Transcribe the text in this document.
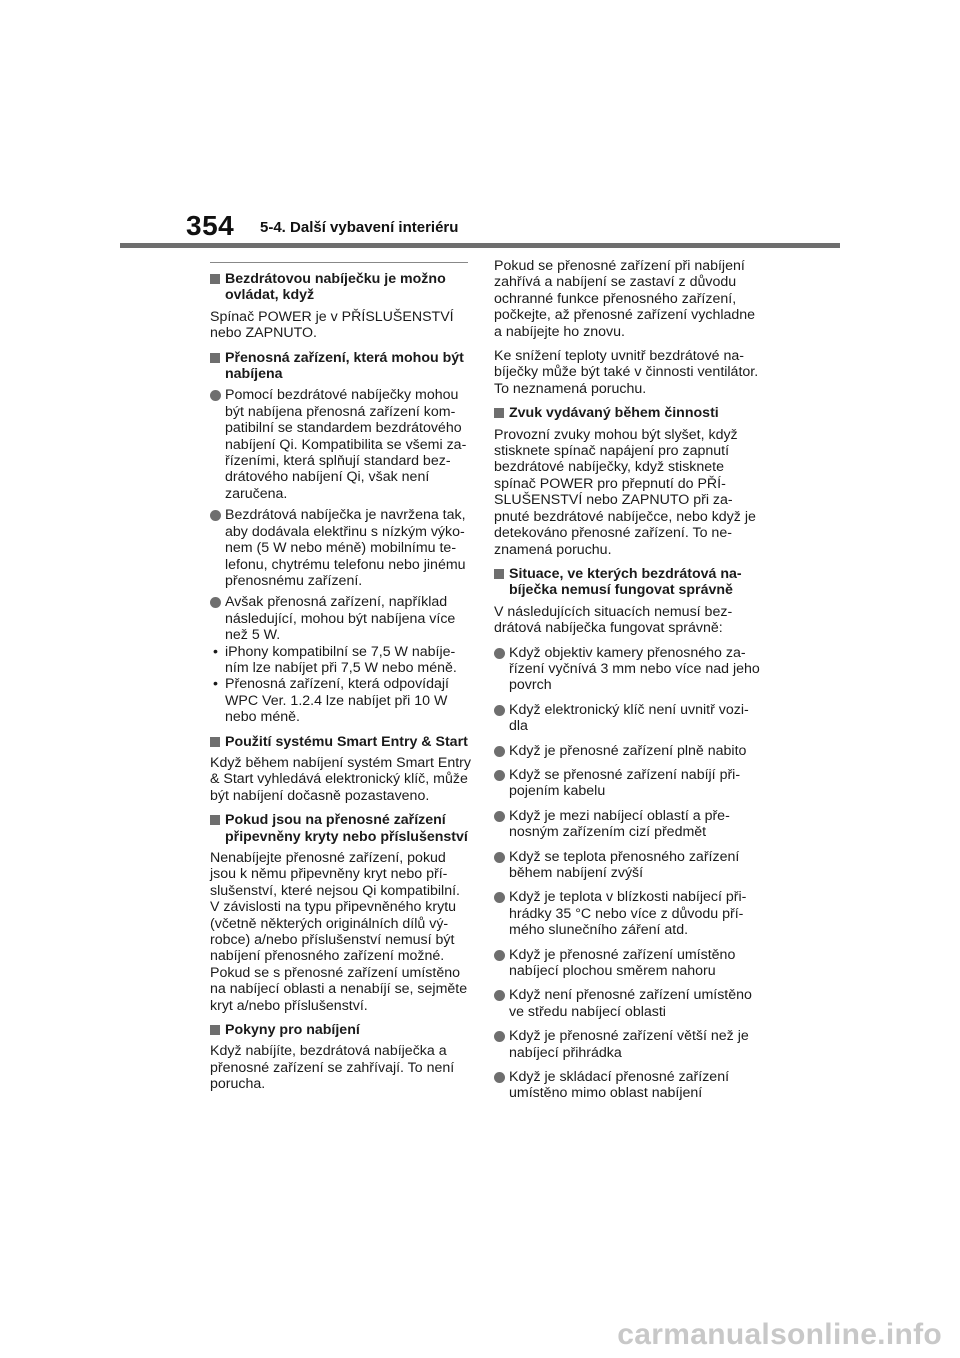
354 5-4. Další vybavení interiéru
Bezdrátovou nabíječku je možno ovládat, když
Spínač POWER je v PŘÍSLUŠENSTVÍ nebo ZAPNUTO.
Přenosná zařízení, která mohou být nabíjena
Pomocí bezdrátové nabíječky mohou být nabíjena přenosná zařízení kompatibilní se standardem bezdrátového nabíjení Qi. Kompatibilita se všemi zařízeními, která splňují standard bezdrátového nabíjení Qi, však není zaručena.
Bezdrátová nabíječka je navržena tak, aby dodávala elektřinu s nízkým výkonem (5 W nebo méně) mobilnímu telefonu, chytrému telefonu nebo jinému přenosnému zařízení.
Avšak přenosná zařízení, například následující, mohou být nabíjena více než 5 W.
• iPhony kompatibilní se 7,5 W nabíjením lze nabíjet při 7,5 W nebo méně.
• Přenosná zařízení, která odpovídají WPC Ver. 1.2.4 lze nabíjet při 10 W nebo méně.
Použití systému Smart Entry & Start
Když během nabíjení systém Smart Entry & Start vyhledává elektronický klíč, může být nabíjení dočasně pozastaveno.
Pokud jsou na přenosné zařízení připevněny kryty nebo příslušenství
Nenabíjejte přenosné zařízení, pokud jsou k němu připevněny kryt nebo příslušenství, které nejsou Qi kompatibilní. V závislosti na typu připevněného krytu (včetně některých originálních dílů výrobce) a/nebo příslušenství nemusí být nabíjení přenosného zařízení možné. Pokud se s přenosné zařízení umístěno na nabíjecí oblasti a nenabíjí se, sejměte kryt a/nebo příslušenství.
Pokyny pro nabíjení
Když nabíjíte, bezdrátová nabíječka a přenosné zařízení se zahřívají. To není porucha.
Pokud se přenosné zařízení při nabíjení zahřívá a nabíjení se zastaví z důvodu ochranné funkce přenosného zařízení, počkejte, až přenosné zařízení vychladne a nabíjejte ho znovu.
Ke snížení teploty uvnitř bezdrátové nabíječky může být také v činnosti ventilátor. To neznamená poruchu.
Zvuk vydávaný během činnosti
Provozní zvuky mohou být slyšet, když stisknete spínač napájení pro zapnutí bezdrátové nabíječky, když stisknete spínač POWER pro přepnutí do PŘÍSLUŠENSTVÍ nebo ZAPNUTO při zapnuté bezdrátové nabíječce, nebo když je detekováno přenosné zařízení. To neznamená poruchu.
Situace, ve kterých bezdrátová nabíječka nemusí fungovat správně
V následujících situacích nemusí bezdrátová nabíječka fungovat správně:
Když objektiv kamery přenosného zařízení vyčnívá 3 mm nebo více nad jeho povrch
Když elektronický klíč není uvnitř vozidla
Když je přenosné zařízení plně nabito
Když se přenosné zařízení nabíjí připojením kabelu
Když je mezi nabíjecí oblastí a přenosným zařízením cizí předmět
Když se teplota přenosného zařízení během nabíjení zvýší
Když je teplota v blízkosti nabíjecí přihrádky 35 °C nebo více z důvodu přímého slunečního záření atd.
Když je přenosné zařízení umístěno nabíjecí plochou směrem nahoru
Když není přenosné zařízení umístěno ve středu nabíjecí oblasti
Když je přenosné zařízení větší než je nabíjecí přihrádka
Když je skládací přenosné zařízení umístěno mimo oblast nabíjení
carmanualsonline.info
